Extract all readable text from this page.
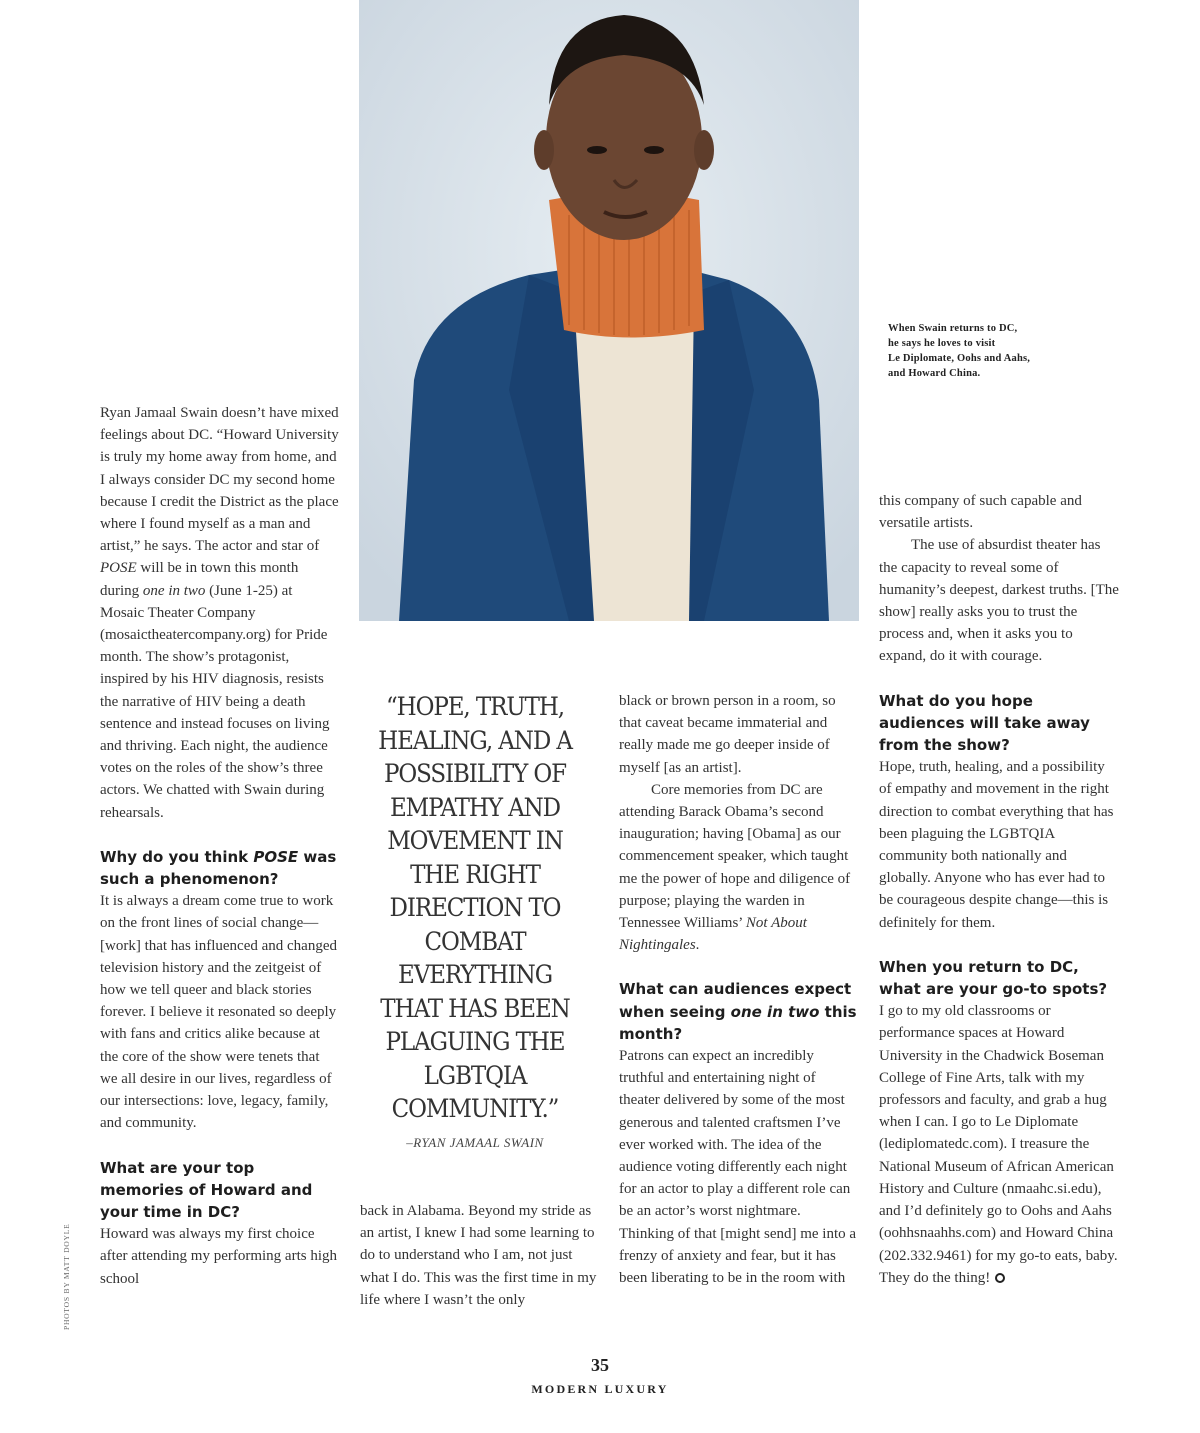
When Swain returns to DC,
he says he loves to visit
Le Diplomate, Oohs and Aahs,
and Howard China.

Ryan Jamaal Swain doesn’t have mixed feelings about DC. “Howard University is truly my home away from home, and I always consider DC my second home because I credit the District as the place where I found myself as a man and artist,” he says. The actor and star of POSE will be in town this month during one in two (June 1-25) at Mosaic Theater Company (mosaictheatercompany.org) for Pride month. The show’s protagonist, inspired by his HIV diagnosis, resists the narrative of HIV being a death sentence and instead focuses on living and thriving. Each night, the audience votes on the roles of the show’s three actors. We chatted with Swain during rehearsals.

Why do you think POSE was such a phenomenon?

It is always a dream come true to work on the front lines of social change—[work] that has influenced and changed television history and the zeitgeist of how we tell queer and black stories forever. I believe it resonated so deeply with fans and critics alike because at the core of the show were tenets that we all desire in our lives, regardless of our intersections: love, legacy, family, and community.

What are your top memories of Howard and your time in DC?

Howard was always my first choice after attending my performing arts high school

“HOPE, TRUTH, HEALING, AND A POSSIBILITY OF EMPATHY AND MOVEMENT IN THE RIGHT DIRECTION TO COMBAT EVERYTHING THAT HAS BEEN PLAGUING THE LGBTQIA COMMUNITY.”
–RYAN JAMAAL SWAIN

back in Alabama. Beyond my stride as an artist, I knew I had some learning to do to understand who I am, not just what I do. This was the first time in my life where I wasn’t the only

black or brown person in a room, so that caveat became immaterial and really made me go deeper inside of myself [as an artist].

Core memories from DC are attending Barack Obama’s second inauguration; having [Obama] as our commencement speaker, which taught me the power of hope and diligence of purpose; playing the warden in Tennessee Williams’ Not About Nightingales.

What can audiences expect when seeing one in two this month?

Patrons can expect an incredibly truthful and entertaining night of theater delivered by some of the most generous and talented craftsmen I’ve ever worked with. The idea of the audience voting differently each night for an actor to play a different role can be an actor’s worst nightmare. Thinking of that [might send] me into a frenzy of anxiety and fear, but it has been liberating to be in the room with

this company of such capable and versatile artists.

The use of absurdist theater has the capacity to reveal some of humanity’s deepest, darkest truths. [The show] really asks you to trust the process and, when it asks you to expand, do it with courage.

What do you hope audiences will take away from the show?

Hope, truth, healing, and a possibility of empathy and movement in the right direction to combat everything that has been plaguing the LGBTQIA community both nationally and globally. Anyone who has ever had to be courageous despite change—this is definitely for them.

When you return to DC, what are your go-to spots?

I go to my old classrooms or performance spaces at Howard University in the Chadwick Boseman College of Fine Arts, talk with my professors and faculty, and grab a hug when I can. I go to Le Diplomate (lediplomatedc.com). I treasure the National Museum of African American History and Culture (nmaahc.si.edu), and I’d definitely go to Oohs and Aahs (oohhsnaahhs.com) and Howard China (202.332.9461) for my go-to eats, baby. They do the thing!

PHOTOS BY MATT DOYLE
35
MODERN LUXURY
